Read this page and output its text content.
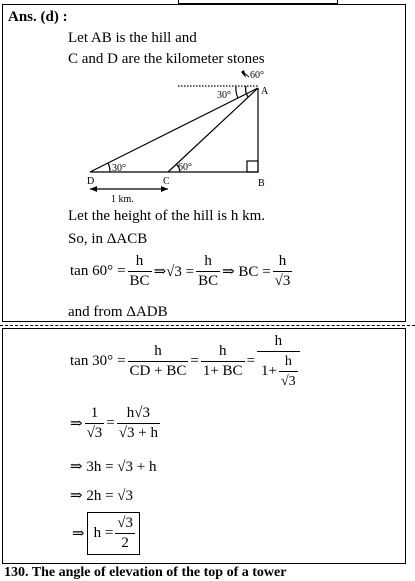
Ans. (d) :
Let AB is the hill and
C and D are the kilometer stones
60°
30°	A
B
C
D
30°	60°
1 km.
Let the height of the hill is h km.
So, in ΔACB
$\tan 60^\circ = \frac{h}{BC}$ ⇒√3 = $\frac{h}{BC}$ ⇒ BC = $\frac{h}{√3}$
and from ΔADB
$\tan 30^\circ = \frac{h}{CD + BC} = \frac{h}{1+ BC} = \frac{h}{1+ \frac{h}{√3}}$
⇒ $\frac{1}{√3} = \frac{h√3}{√3 + h}$
⇒ 3h = √3 + h
⇒ 2h = √3
⇒ $h = \frac{√3}{2}$
130. The angle of elevation of the top of a tower
